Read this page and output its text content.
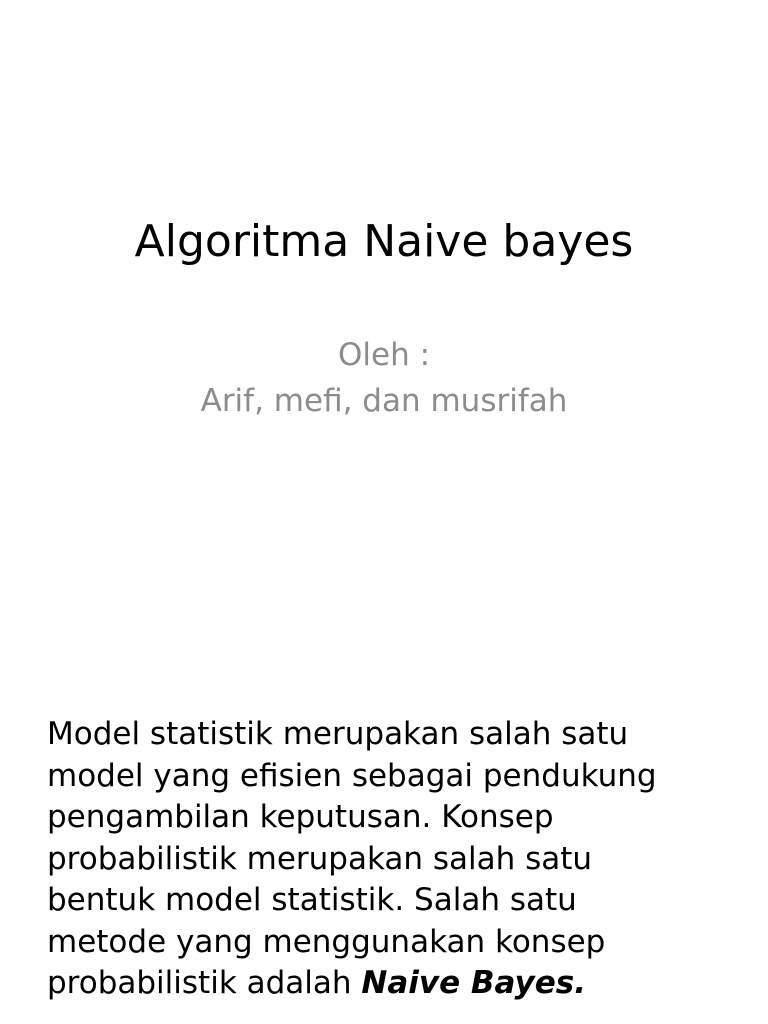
Algoritma Naive bayes
Oleh :
Arif, mefi, dan musrifah

Model statistik merupakan salah satu
model yang efisien sebagai pendukung
pengambilan keputusan. Konsep
probabilistik merupakan salah satu
bentuk model statistik. Salah satu
metode yang menggunakan konsep
probabilistik adalah Naive Bayes.
